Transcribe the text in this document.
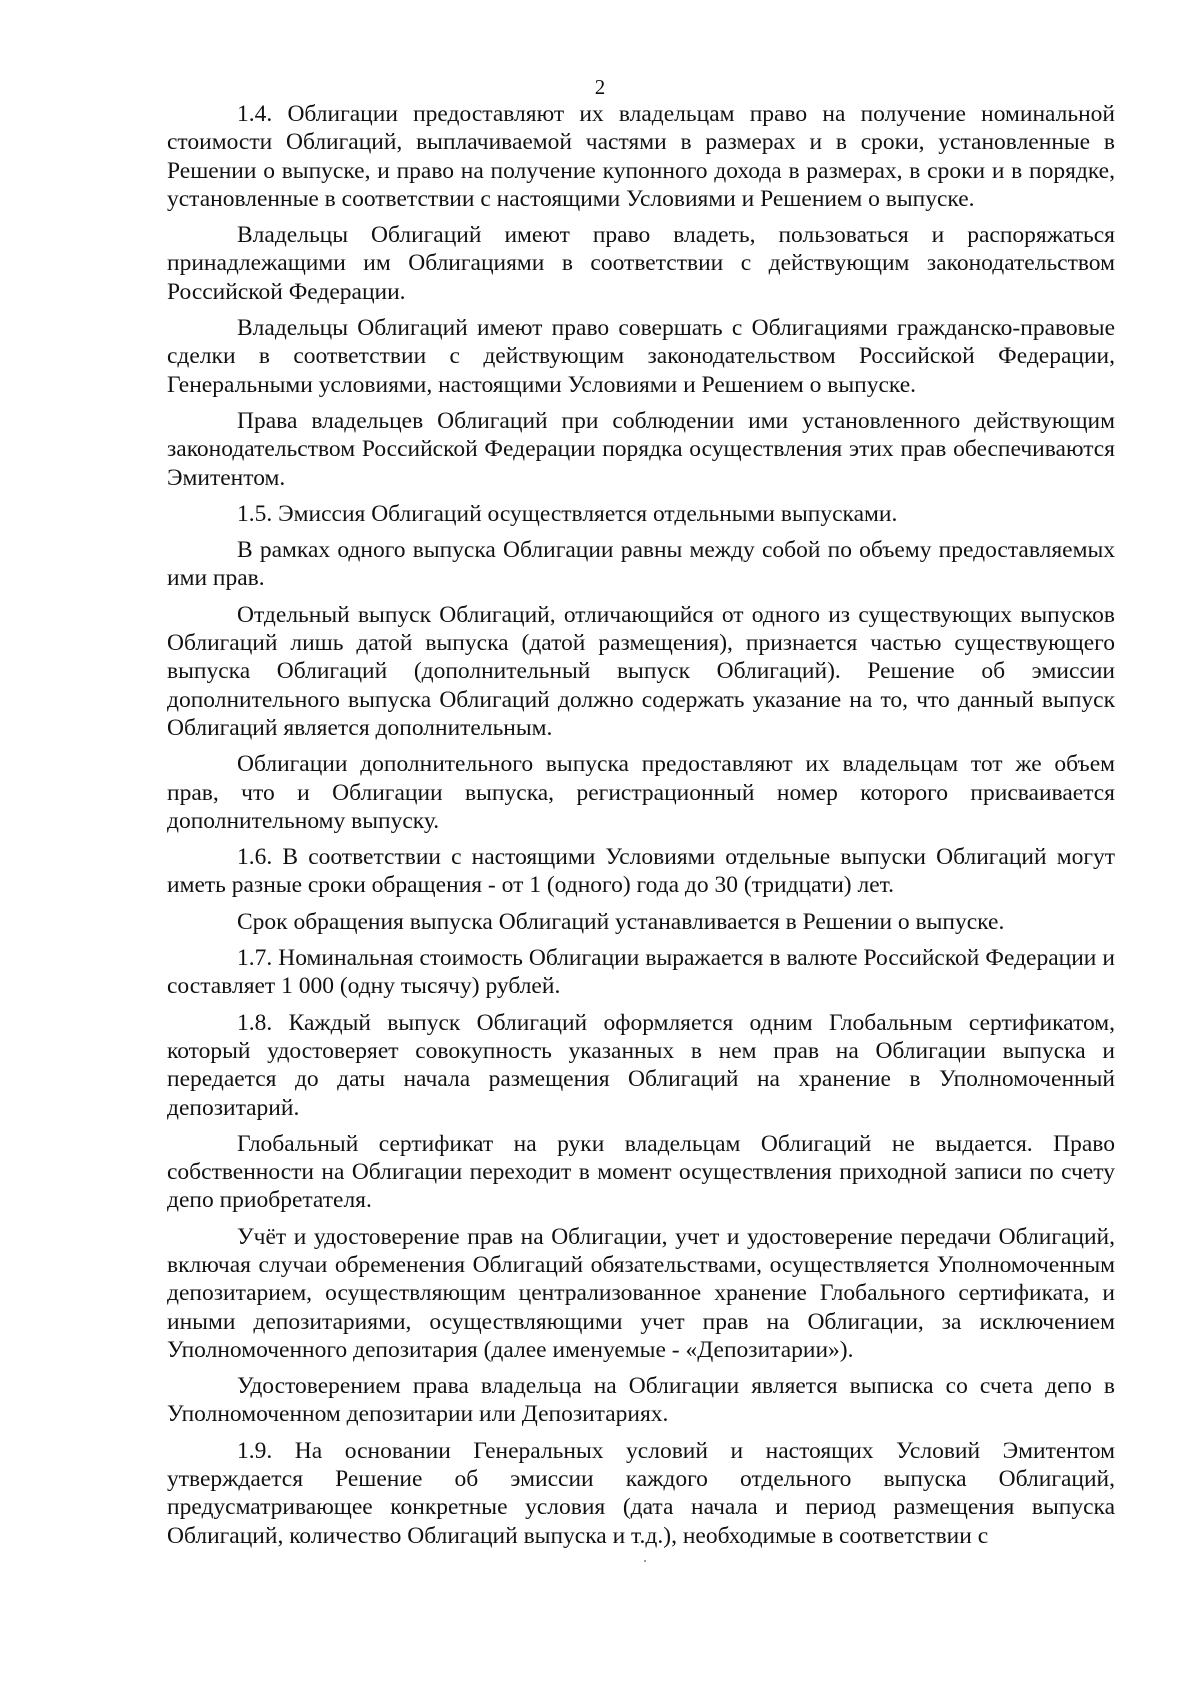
2

1.4. Облигации предоставляют их владельцам право на получение номинальной стоимости Облигаций, выплачиваемой частями в размерах и в сроки, установленные в Решении о выпуске, и право на получение купонного дохода в размерах, в сроки и в порядке, установленные в соответствии с настоящими Условиями и Решением о выпуске.

Владельцы Облигаций имеют право владеть, пользоваться и распоряжаться принадлежащими им Облигациями в соответствии с действующим законодательством Российской Федерации.

Владельцы Облигаций имеют право совершать с Облигациями гражданско-правовые сделки в соответствии с действующим законодательством Российской Федерации, Генеральными условиями, настоящими Условиями и Решением о выпуске.

Права владельцев Облигаций при соблюдении ими установленного действующим законодательством Российской Федерации порядка осуществления этих прав обеспечиваются Эмитентом.

1.5. Эмиссия Облигаций осуществляется отдельными выпусками.

В рамках одного выпуска Облигации равны между собой по объему предоставляемых ими прав.

Отдельный выпуск Облигаций, отличающийся от одного из существующих выпусков Облигаций лишь датой выпуска (датой размещения), признается частью существующего выпуска Облигаций (дополнительный выпуск Облигаций). Решение об эмиссии дополнительного выпуска Облигаций должно содержать указание на то, что данный выпуск Облигаций является дополнительным.

Облигации дополнительного выпуска предоставляют их владельцам тот же объем прав, что и Облигации выпуска, регистрационный номер которого присваивается дополнительному выпуску.

1.6. В соответствии с настоящими Условиями отдельные выпуски Облигаций могут иметь разные сроки обращения - от 1 (одного) года до 30 (тридцати) лет.

Срок обращения выпуска Облигаций устанавливается в Решении о выпуске.

1.7. Номинальная стоимость Облигации выражается в валюте Российской Федерации и составляет 1 000 (одну тысячу) рублей.

1.8. Каждый выпуск Облигаций оформляется одним Глобальным сертификатом, который удостоверяет совокупность указанных в нем прав на Облигации выпуска и передается до даты начала размещения Облигаций на хранение в Уполномоченный депозитарий.

Глобальный сертификат на руки владельцам Облигаций не выдается. Право собственности на Облигации переходит в момент осуществления приходной записи по счету депо приобретателя.

Учёт и удостоверение прав на Облигации, учет и удостоверение передачи Облигаций, включая случаи обременения Облигаций обязательствами, осуществляется Уполномоченным депозитарием, осуществляющим централизованное хранение Глобального сертификата, и иными депозитариями, осуществляющими учет прав на Облигации, за исключением Уполномоченного депозитария (далее именуемые - «Депозитарии»).

Удостоверением права владельца на Облигации является выписка со счета депо в Уполномоченном депозитарии или Депозитариях.

1.9. На основании Генеральных условий и настоящих Условий Эмитентом утверждается Решение об эмиссии каждого отдельного выпуска Облигаций, предусматривающее конкретные условия (дата начала и период размещения выпуска Облигаций, количество Облигаций выпуска и т.д.), необходимые в соответствии с
